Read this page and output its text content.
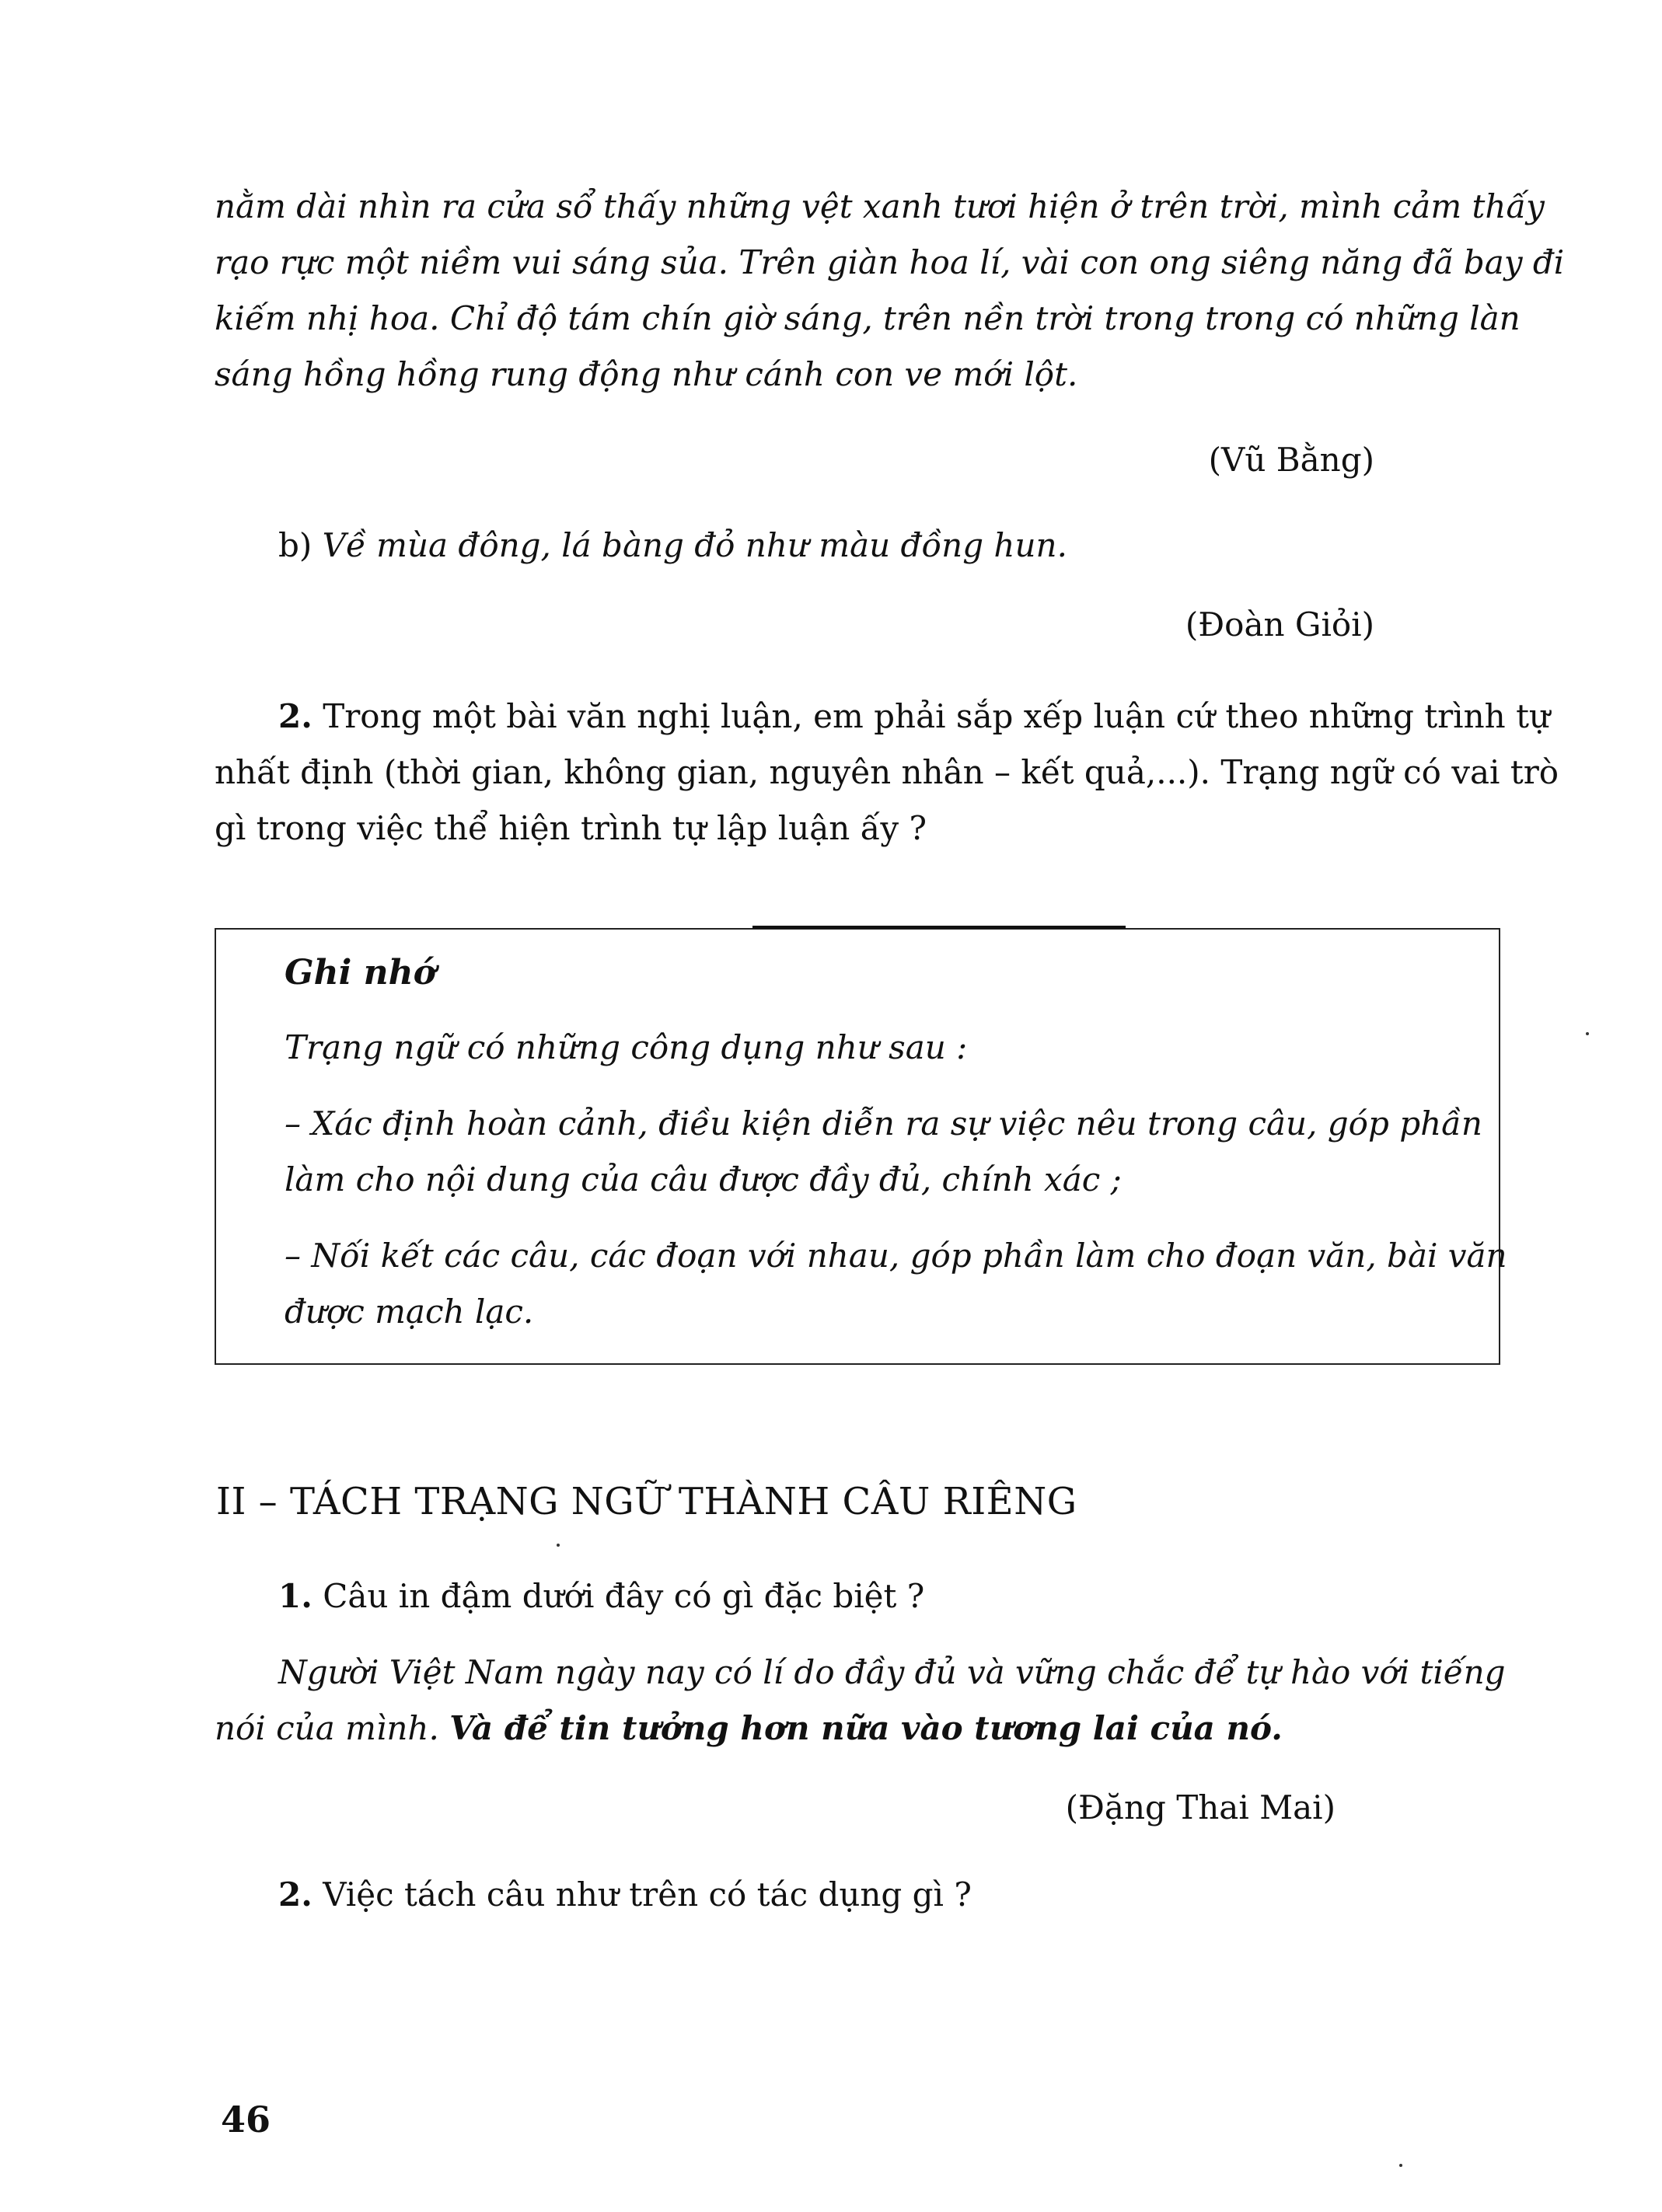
nằm dài nhìn ra cửa sổ thấy những vệt xanh tươi hiện ở trên trời, mình cảm thấy
rạo rực một niềm vui sáng sủa. Trên giàn hoa lí, vài con ong siêng năng đã bay đi
kiếm nhị hoa. Chỉ độ tám chín giờ sáng, trên nền trời trong trong có những làn
sáng hồng hồng rung động như cánh con ve mới lột.
(Vũ Bằng)
b) Về mùa đông, lá bàng đỏ như màu đồng hun.
(Đoàn Giỏi)
2. Trong một bài văn nghị luận, em phải sắp xếp luận cứ theo những trình tự
nhất định (thời gian, không gian, nguyên nhân – kết quả,...). Trạng ngữ có vai trò
gì trong việc thể hiện trình tự lập luận ấy ?
Ghi nhớ
Trạng ngữ có những công dụng như sau :
– Xác định hoàn cảnh, điều kiện diễn ra sự việc nêu trong câu, góp phần
làm cho nội dung của câu được đầy đủ, chính xác ;
– Nối kết các câu, các đoạn với nhau, góp phần làm cho đoạn văn, bài văn
được mạch lạc.
II – TÁCH TRẠNG NGỮ THÀNH CÂU RIÊNG
1. Câu in đậm dưới đây có gì đặc biệt ?
Người Việt Nam ngày nay có lí do đầy đủ và vững chắc để tự hào với tiếng
nói của mình. Và để tin tưởng hơn nữa vào tương lai của nó.
(Đặng Thai Mai)
2. Việc tách câu như trên có tác dụng gì ?
46
